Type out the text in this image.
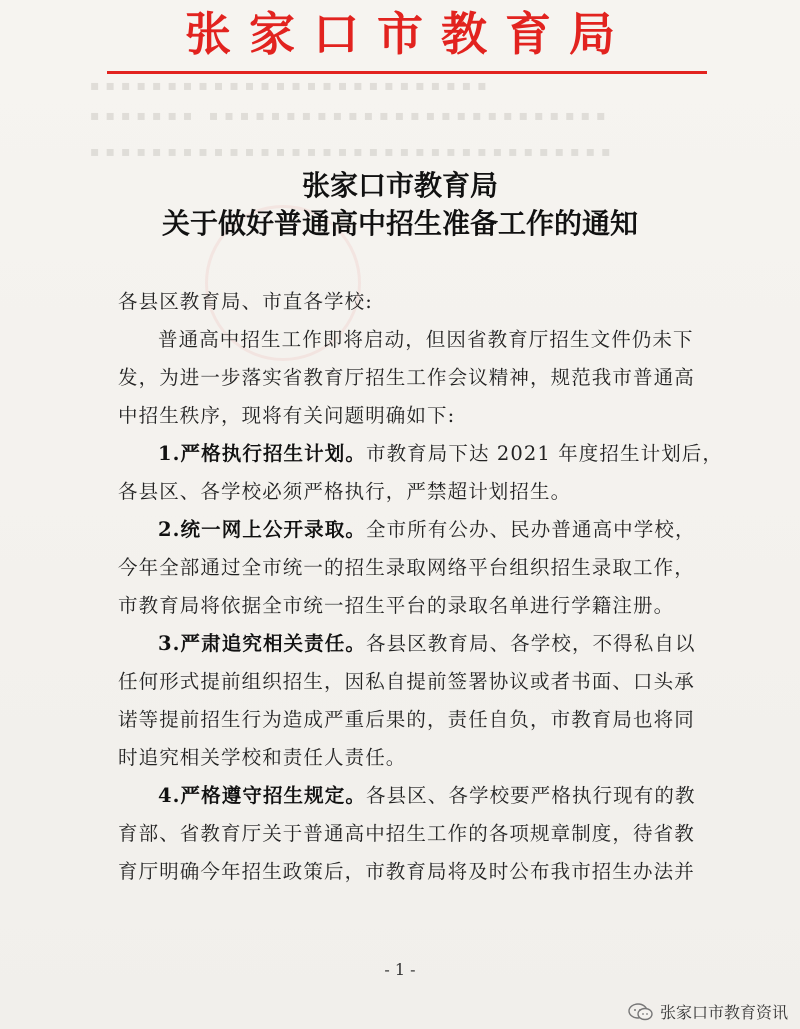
张家口市教育局
▪▪▪▪▪▪▪▪▪▪▪▪▪▪▪▪▪▪▪▪▪▪▪▪▪▪
▪▪▪▪▪▪▪ ▪▪▪▪▪▪▪▪▪▪▪▪▪▪▪▪▪▪▪▪▪▪▪▪▪▪
▪▪▪▪▪▪▪▪▪▪▪▪▪▪▪▪▪▪▪▪▪▪▪▪▪▪▪▪▪▪▪▪▪▪
张家口市教育局
关于做好普通高中招生准备工作的通知
各县区教育局、市直各学校:
普通高中招生工作即将启动，但因省教育厅招生文件仍未下
发，为进一步落实省教育厅招生工作会议精神，规范我市普通高
中招生秩序，现将有关问题明确如下:
1.严格执行招生计划。市教育局下达 2021 年度招生计划后，
各县区、各学校必须严格执行，严禁超计划招生。
2.统一网上公开录取。全市所有公办、民办普通高中学校，
今年全部通过全市统一的招生录取网络平台组织招生录取工作，
市教育局将依据全市统一招生平台的录取名单进行学籍注册。
3.严肃追究相关责任。各县区教育局、各学校，不得私自以
任何形式提前组织招生，因私自提前签署协议或者书面、口头承
诺等提前招生行为造成严重后果的，责任自负，市教育局也将同
时追究相关学校和责任人责任。
4.严格遵守招生规定。各县区、各学校要严格执行现有的教
育部、省教育厅关于普通高中招生工作的各项规章制度，待省教
育厅明确今年招生政策后，市教育局将及时公布我市招生办法并
- 1 -
张家口市教育资讯
